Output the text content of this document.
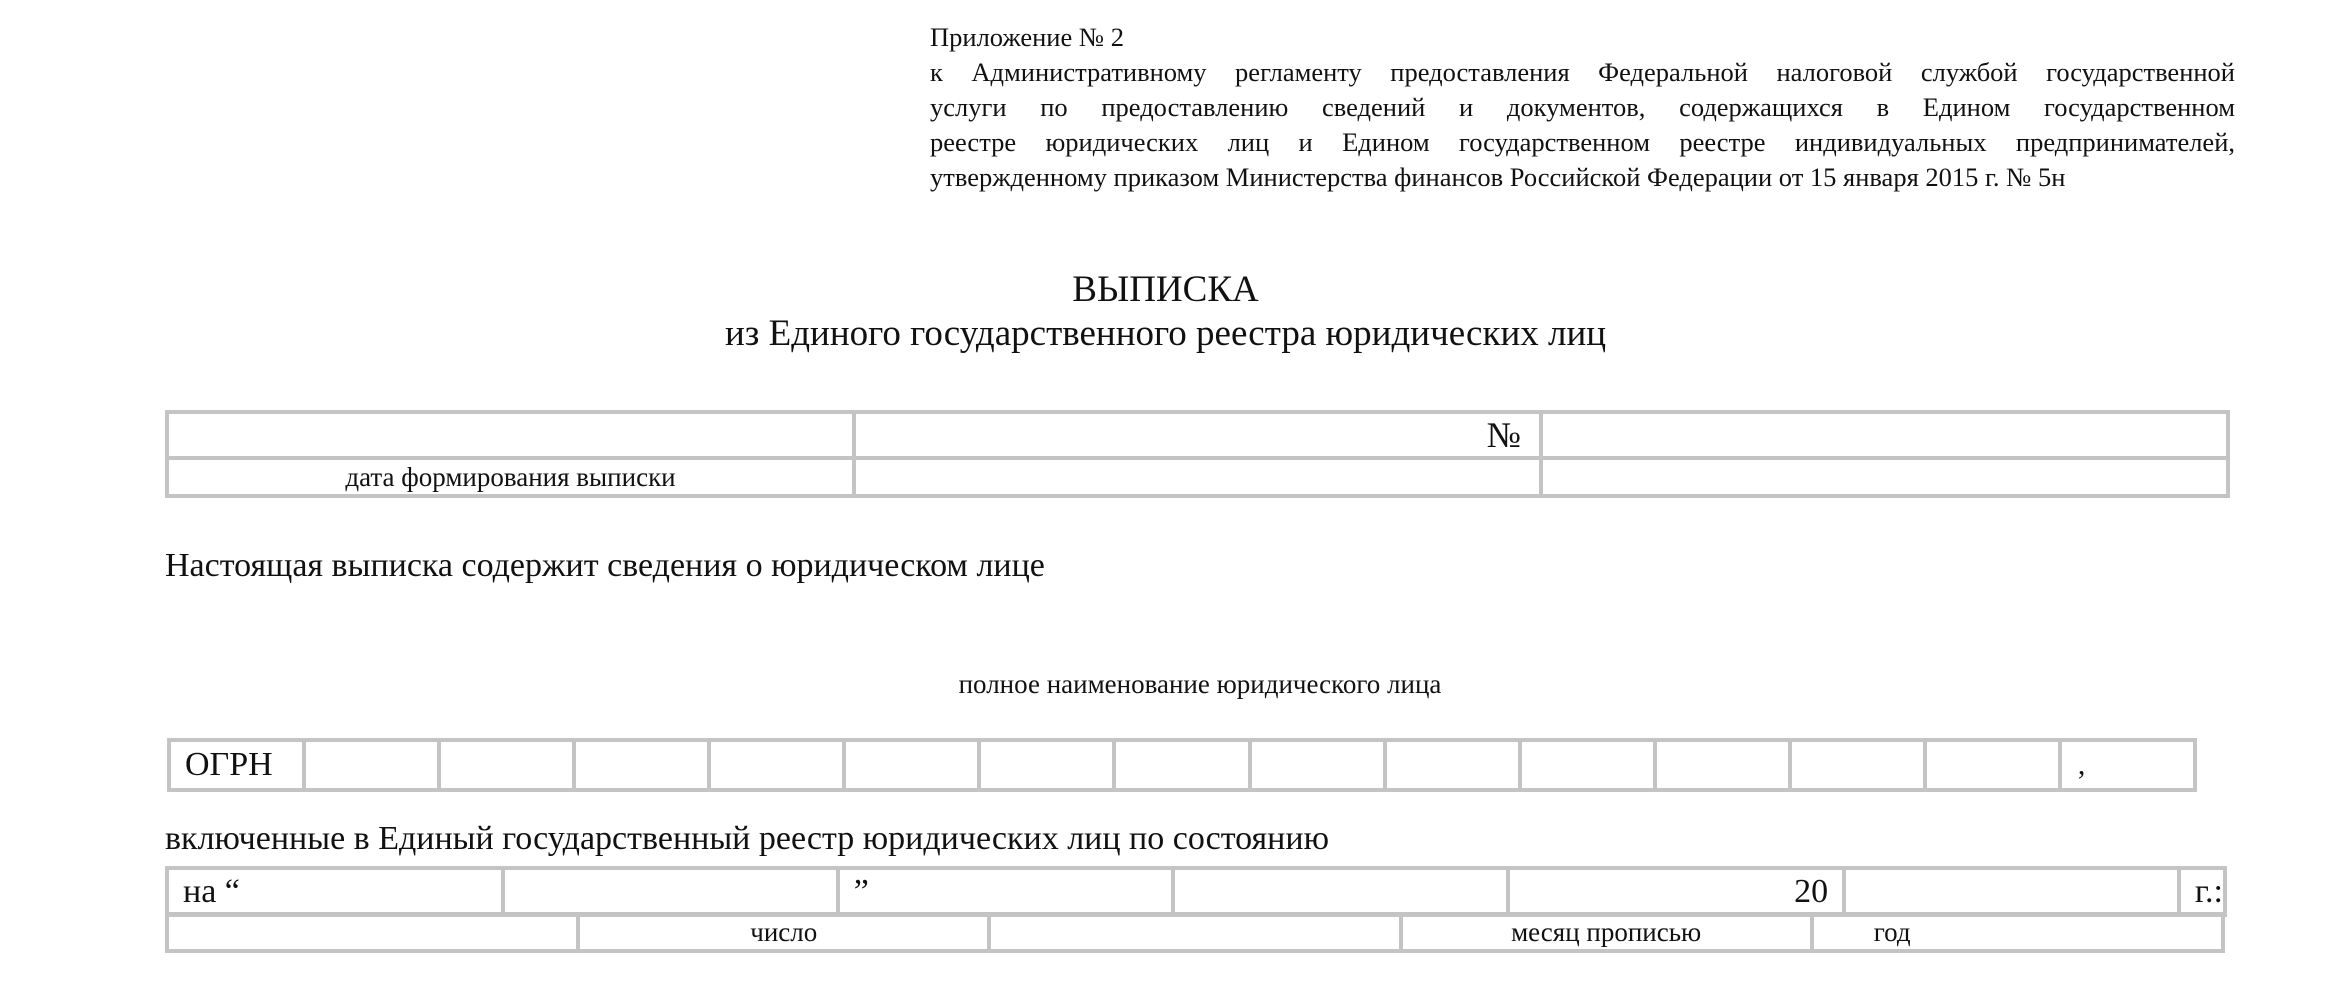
Приложение № 2
к Административному регламенту предоставления Федеральной налоговой службой государственной
услуги по предоставлению сведений и документов, содержащихся в Едином государственном
реестре юридических лиц и Едином государственном реестре индивидуальных предпринимателей,
утвержденному приказом Министерства финансов Российской Федерации от 15 января 2015 г. № 5н
ВЫПИСКА
из Единого государственного реестра юридических лиц
	№	
дата формирования выписки		
Настоящая выписка содержит сведения о юридическом лице
полное наименование юридического лица
ОГРН														,
включенные в Единый государственный реестр юридических лиц по состоянию
на “		”		20		г.:
	число		месяц прописью	год
